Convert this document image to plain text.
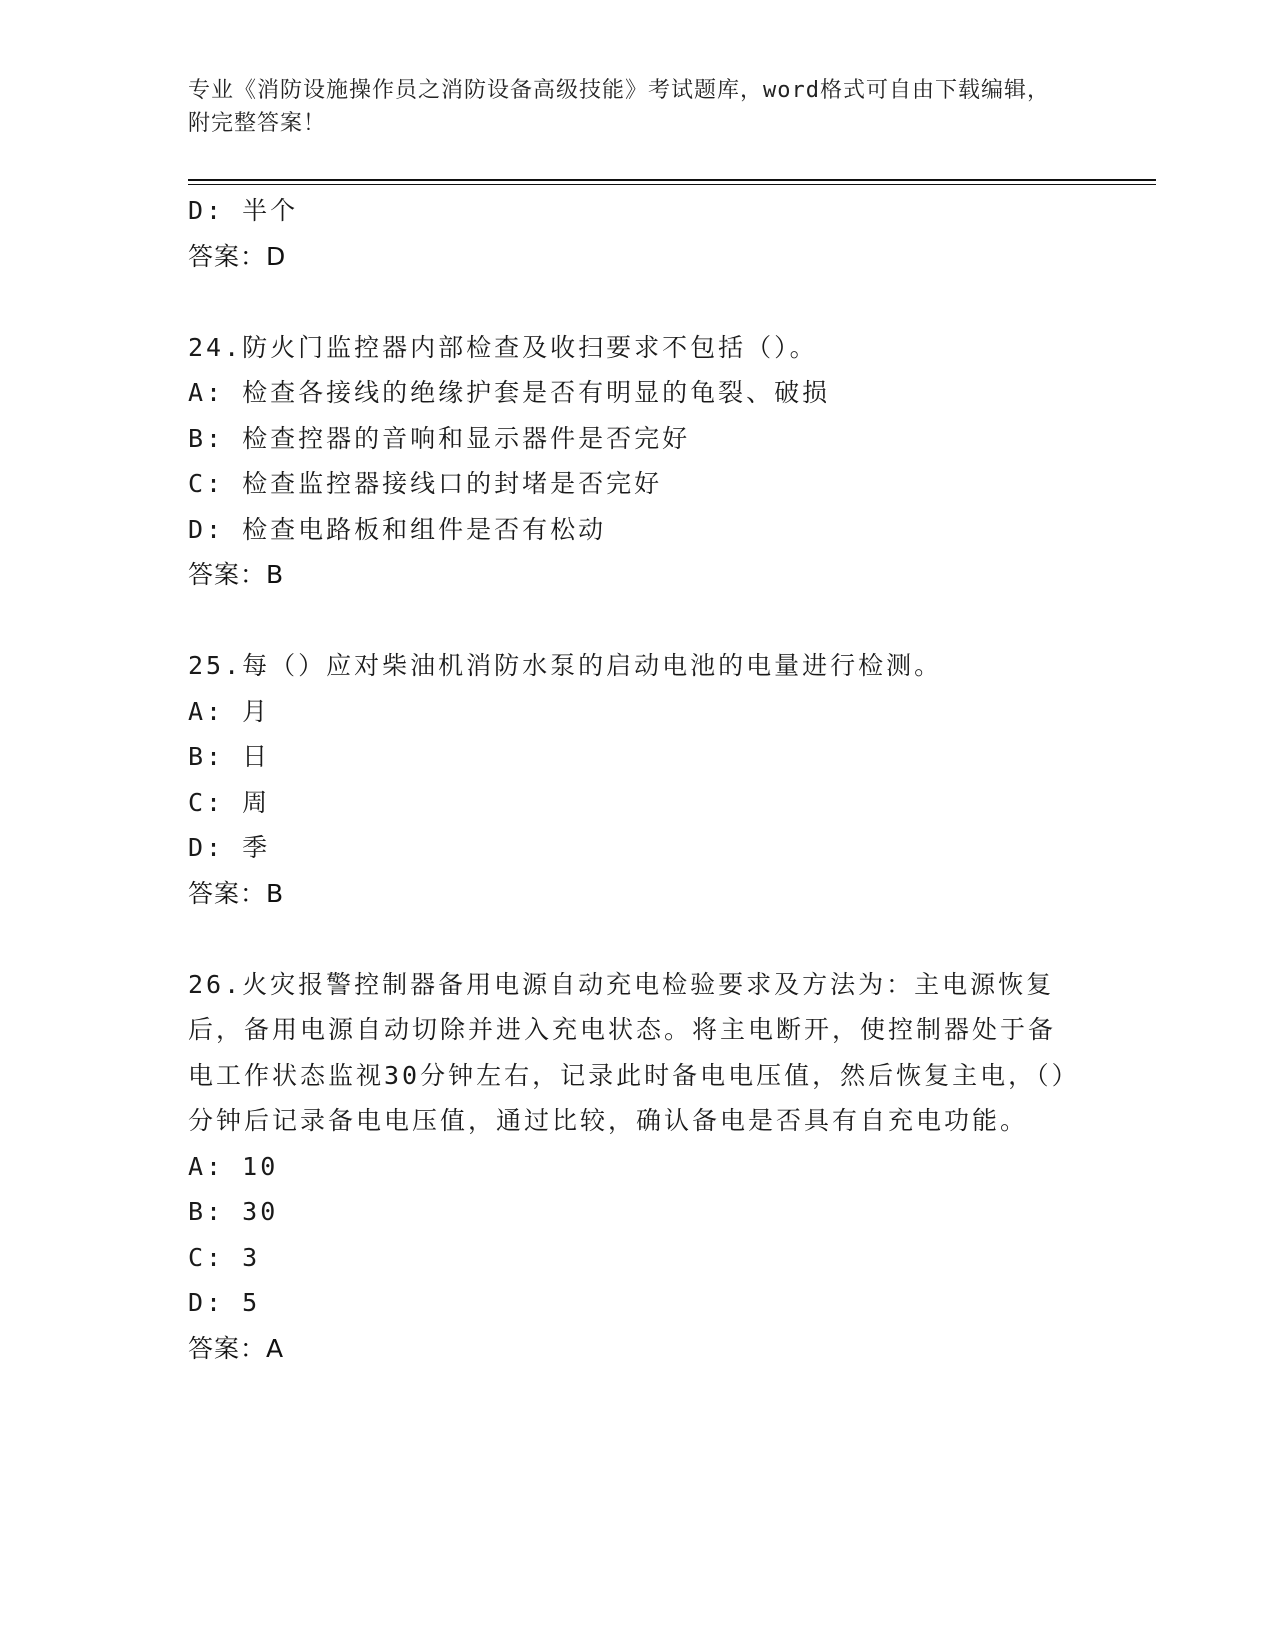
专业《消防设施操作员之消防设备高级技能》考试题库，word格式可自由下载编辑，附完整答案！
D: 半个
答案：D
24.防火门监控器内部检查及收扫要求不包括（）。
A: 检查各接线的绝缘护套是否有明显的龟裂、破损
B: 检查控器的音响和显示器件是否完好
C: 检查监控器接线口的封堵是否完好
D: 检查电路板和组件是否有松动
答案：B
25.每（）应对柴油机消防水泵的启动电池的电量进行检测。
A: 月
B: 日
C: 周
D: 季
答案：B
26.火灾报警控制器备用电源自动充电检验要求及方法为：主电源恢复后，备用电源自动切除并进入充电状态。将主电断开，使控制器处于备电工作状态监视30分钟左右，记录此时备电电压值，然后恢复主电，（）分钟后记录备电电压值，通过比较，确认备电是否具有自充电功能。
A: 10
B: 30
C: 3
D: 5
答案：A
